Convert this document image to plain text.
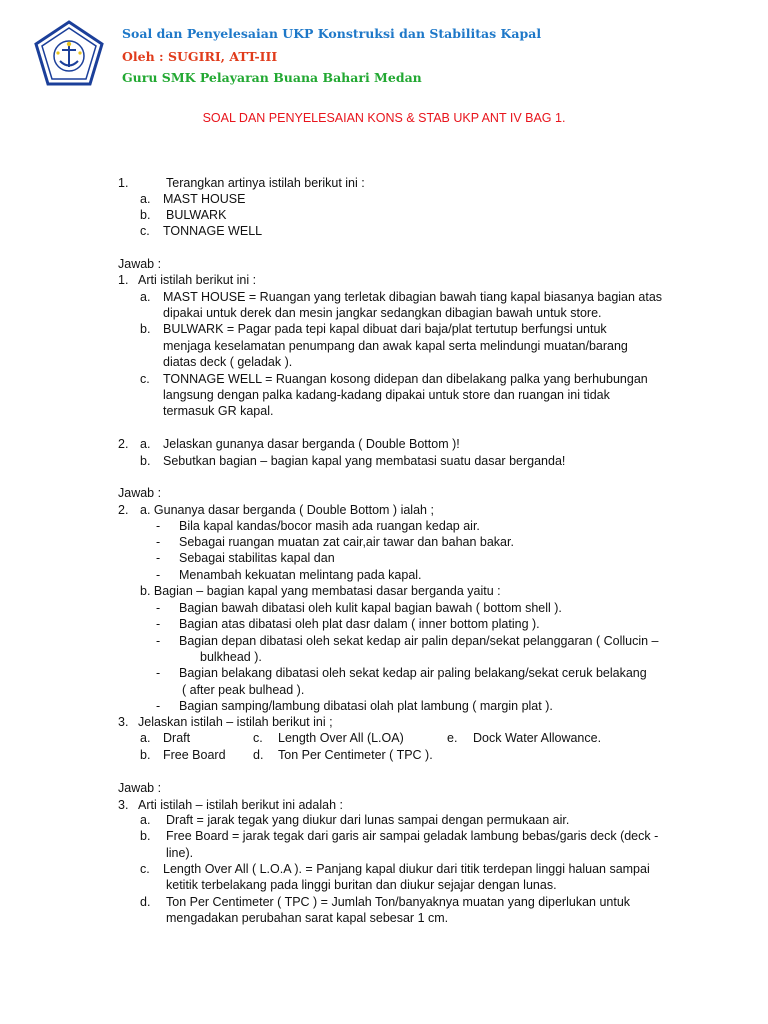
Soal dan Penyelesaian UKP Konstruksi dan Stabilitas Kapal
Oleh : SUGIRI, ATT-III
Guru SMK Pelayaran Buana Bahari Medan
SOAL DAN PENYELESAIAN KONS & STAB UKP ANT IV BAG 1.
1.	Terangkan artinya istilah berikut ini :
a. MAST HOUSE
b. BULWARK
c. TONNAGE WELL
Jawab :
1. Arti istilah berikut ini :
a. MAST HOUSE = Ruangan yang terletak dibagian bawah tiang kapal biasanya bagian atas
dipakai untuk derek dan mesin jangkar sedangkan dibagian bawah untuk store.
b. BULWARK = Pagar pada tepi kapal dibuat dari baja/plat tertutup berfungsi untuk
menjaga keselamatan penumpang dan awak kapal serta melindungi muatan/barang
diatas deck ( geladak ).
c. TONNAGE WELL = Ruangan kosong didepan dan dibelakang palka yang berhubungan
langsung dengan palka kadang-kadang dipakai untuk store dan ruangan ini tidak
termasuk GR kapal.
2. a. Jelaskan gunanya dasar berganda ( Double Bottom )!
b. Sebutkan bagian – bagian kapal yang membatasi suatu dasar berganda!
Jawab :
2. a. Gunanya dasar berganda ( Double Bottom ) ialah ;
- Bila kapal kandas/bocor masih ada ruangan kedap air.
- Sebagai ruangan muatan zat cair,air tawar dan bahan bakar.
- Sebagai stabilitas kapal dan
- Menambah kekuatan melintang pada kapal.
b. Bagian – bagian kapal yang membatasi dasar berganda yaitu :
- Bagian bawah dibatasi oleh kulit kapal bagian bawah ( bottom shell ).
- Bagian atas dibatasi oleh plat dasr dalam ( inner bottom plating ).
- Bagian depan dibatasi oleh sekat kedap air palin depan/sekat pelanggaran ( Collucin –
bulkhead ).
- Bagian belakang dibatasi oleh sekat kedap air paling belakang/sekat ceruk belakang
( after peak bulhead ).
- Bagian samping/lambung dibatasi olah plat lambung ( margin plat ).
3. Jelaskan istilah – istilah berikut ini ;
a. Draft	c. Length Over All (L.OA)	e. Dock Water Allowance.
b. Free Board d. Ton Per Centimeter ( TPC ).
Jawab :
3. Arti istilah – istilah berikut ini adalah :
a. Draft = jarak tegak yang diukur dari lunas sampai dengan permukaan air.
b. Free Board = jarak tegak dari garis air sampai geladak lambung bebas/garis deck (deck -
line).
c. Length Over All ( L.O.A ). = Panjang kapal diukur dari titik terdepan linggi haluan sampai
ketitik terbelakang pada linggi buritan dan diukur sejajar dengan lunas.
d. Ton Per Centimeter ( TPC ) = Jumlah Ton/banyaknya muatan yang diperlukan untuk
mengadakan perubahan sarat kapal sebesar 1 cm.
